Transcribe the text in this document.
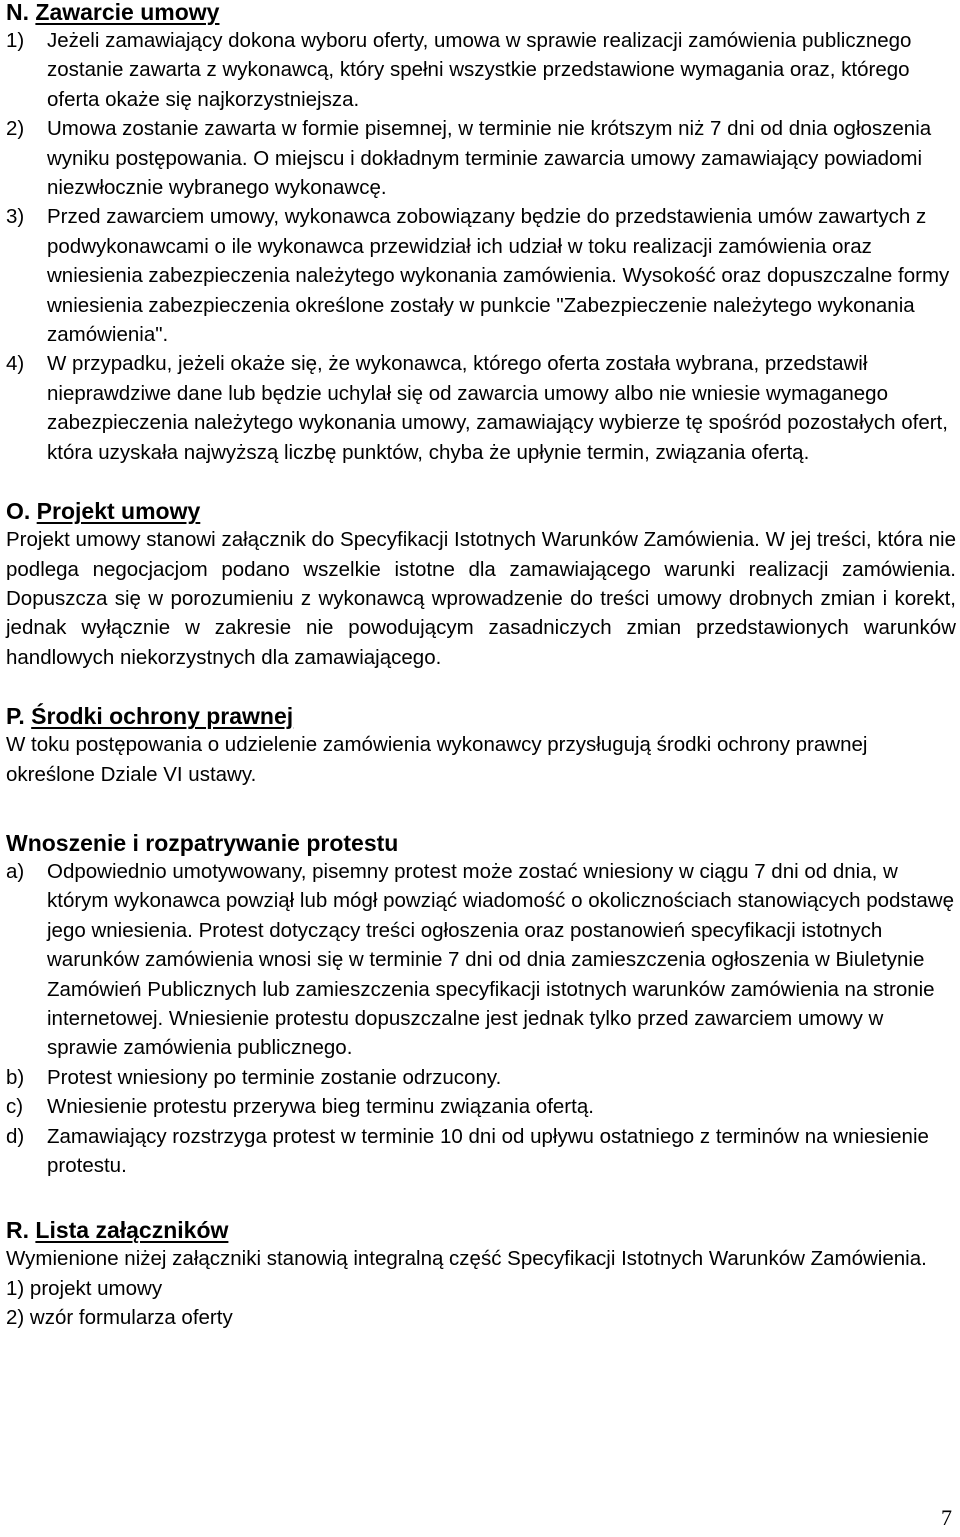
N. Zawarcie umowy
1) Jeżeli zamawiający dokona wyboru oferty, umowa w sprawie realizacji zamówienia publicznego zostanie zawarta z wykonawcą, który spełni wszystkie przedstawione wymagania oraz, którego oferta okaże się najkorzystniejsza.
2) Umowa zostanie zawarta w formie pisemnej, w terminie nie krótszym niż 7 dni od dnia ogłoszenia wyniku postępowania. O miejscu i dokładnym terminie zawarcia umowy zamawiający powiadomi niezwłocznie wybranego wykonawcę.
3) Przed zawarciem umowy, wykonawca zobowiązany będzie do przedstawienia umów zawartych z podwykonawcami o ile wykonawca przewidział ich udział w toku realizacji zamówienia oraz wniesienia zabezpieczenia należytego wykonania zamówienia. Wysokość oraz dopuszczalne formy wniesienia zabezpieczenia określone zostały w punkcie "Zabezpieczenie należytego wykonania zamówienia".
4) W przypadku, jeżeli okaże się, że wykonawca, którego oferta została wybrana, przedstawił nieprawdziwe dane lub będzie uchylał się od zawarcia umowy albo nie wniesie wymaganego zabezpieczenia należytego wykonania umowy, zamawiający wybierze tę spośród pozostałych ofert, która uzyskała najwyższą liczbę punktów, chyba że upłynie termin, związania ofertą.
O. Projekt umowy

Projekt umowy stanowi załącznik do Specyfikacji Istotnych Warunków Zamówienia. W jej treści, która nie podlega negocjacjom podano wszelkie istotne dla zamawiającego warunki realizacji zamówienia. Dopuszcza się w porozumieniu z wykonawcą wprowadzenie do treści umowy drobnych zmian i korekt, jednak wyłącznie w zakresie nie powodującym zasadniczych zmian przedstawionych warunków handlowych niekorzystnych dla zamawiającego.

P. Środki ochrony prawnej

W toku postępowania o udzielenie zamówienia wykonawcy przysługują środki ochrony prawnej określone Dziale VI ustawy.

Wnoszenie i rozpatrywanie protestu
a) Odpowiednio umotywowany, pisemny protest może zostać wniesiony w ciągu 7 dni od dnia, w którym wykonawca powziął lub mógł powziąć wiadomość o okolicznościach stanowiących podstawę jego wniesienia. Protest dotyczący treści ogłoszenia oraz postanowień specyfikacji istotnych warunków zamówienia wnosi się w terminie 7 dni od dnia zamieszczenia ogłoszenia w Biuletynie Zamówień Publicznych lub zamieszczenia specyfikacji istotnych warunków zamówienia na stronie internetowej. Wniesienie protestu dopuszczalne jest jednak tylko przed zawarciem umowy w sprawie zamówienia publicznego.
b) Protest wniesiony po terminie zostanie odrzucony.
c) Wniesienie protestu przerywa bieg terminu związania ofertą.
d) Zamawiający rozstrzyga protest w terminie 10 dni od upływu ostatniego z terminów na wniesienie protestu.
R. Lista załączników

Wymienione niżej załączniki stanowią integralną część Specyfikacji Istotnych Warunków Zamówienia.

1) projekt umowy
2) wzór formularza oferty
7
